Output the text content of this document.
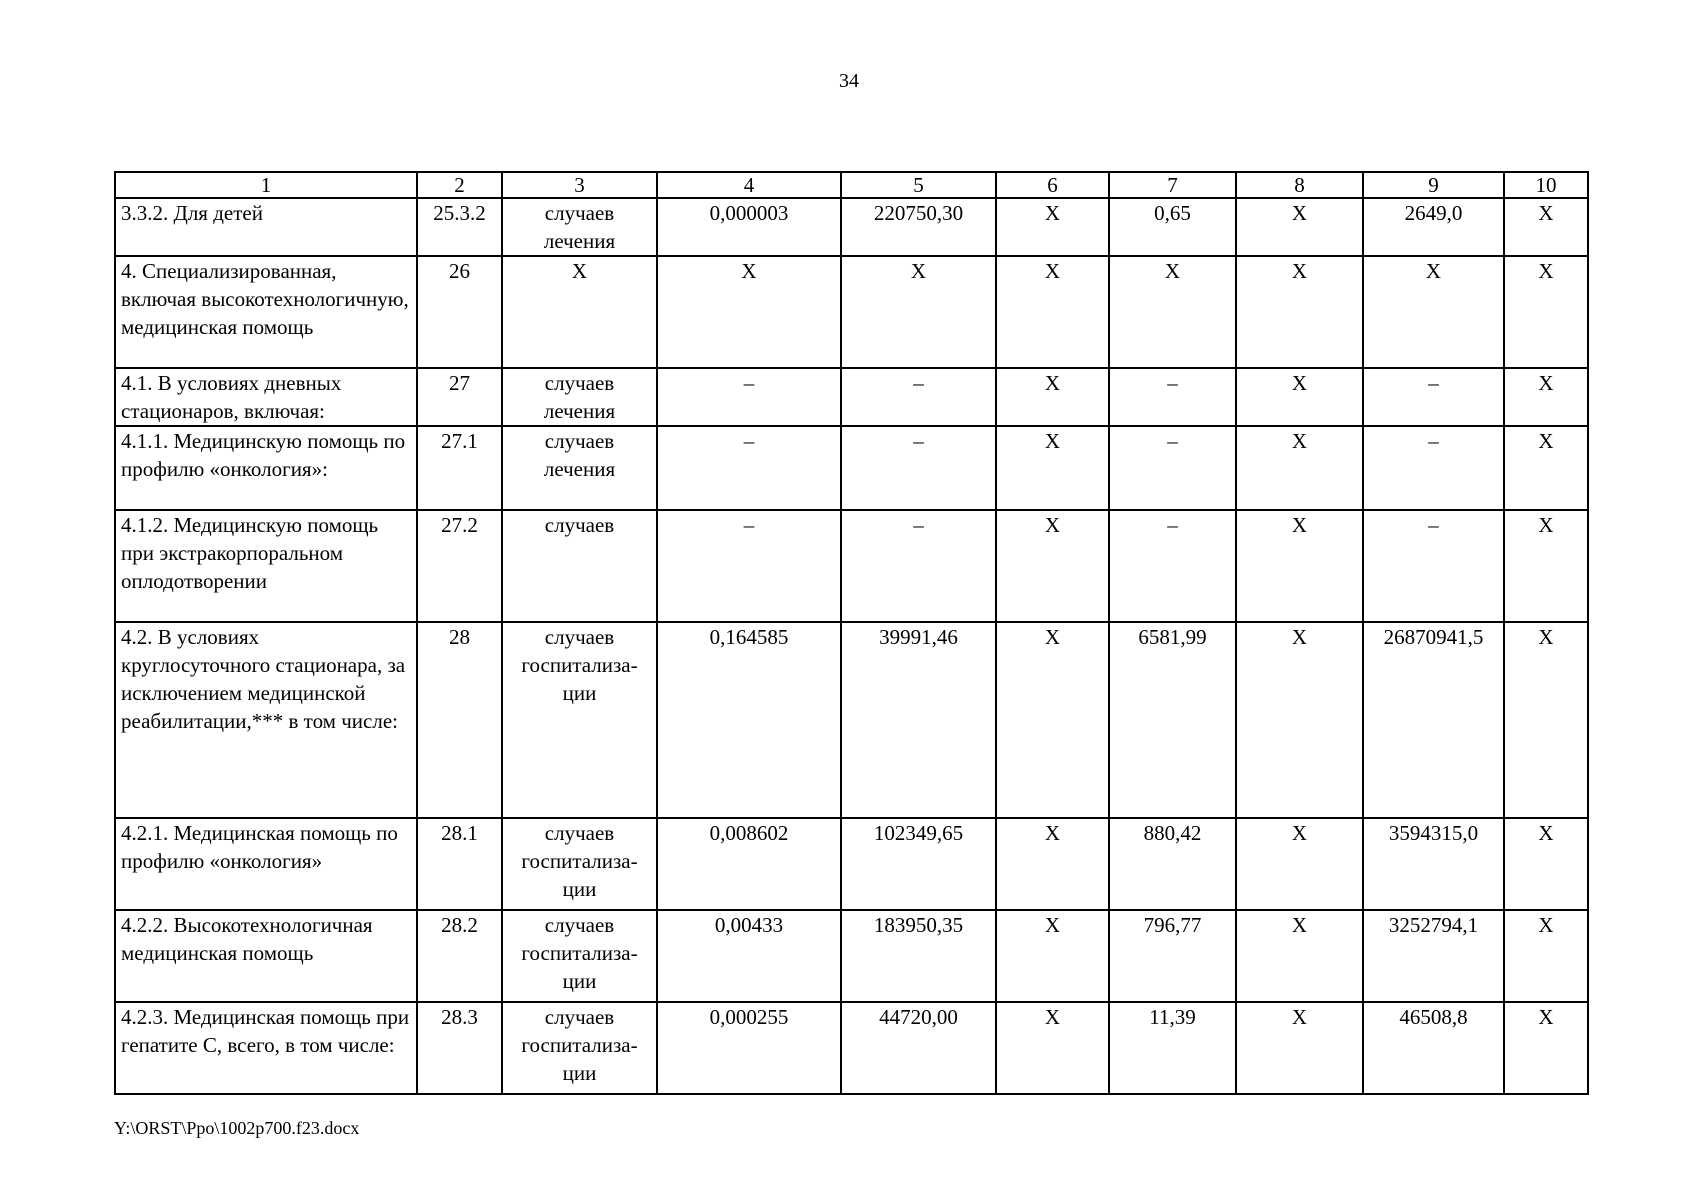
34
1	2	3	4	5	6	7	8	9	10
3.3.2. Для детей	25.3.2	случаев лечения	0,000003	220750,30	Х	0,65	Х	2649,0	Х
4. Специализированная, включая высокотехнологичную, медицинская помощь	26	Х	Х	Х	Х	Х	Х	Х	Х
4.1. В условиях дневных стационаров, включая:	27	случаев лечения	–	–	Х	–	Х	–	Х
4.1.1. Медицинскую помощь по профилю «онкология»:	27.1	случаев лечения	–	–	Х	–	Х	–	Х
4.1.2. Медицинскую помощь при экстракорпоральном оплодотворении	27.2	случаев	–	–	Х	–	Х	–	Х
4.2. В условиях круглосуточного стационара, за исключением медицинской реабилитации,*** в том числе:	28	случаев госпитализа-ции	0,164585	39991,46	Х	6581,99	Х	26870941,5	Х
4.2.1. Медицинская помощь по профилю «онкология»	28.1	случаев госпитализа-ции	0,008602	102349,65	Х	880,42	Х	3594315,0	Х
4.2.2. Высокотехнологичная медицинская помощь	28.2	случаев госпитализа-ции	0,00433	183950,35	Х	796,77	Х	3252794,1	Х
4.2.3. Медицинская помощь при гепатите С, всего, в том числе:	28.3	случаев госпитализа-ции	0,000255	44720,00	Х	11,39	Х	46508,8	Х
Y:\ORST\Ppo\1002p700.f23.docx
